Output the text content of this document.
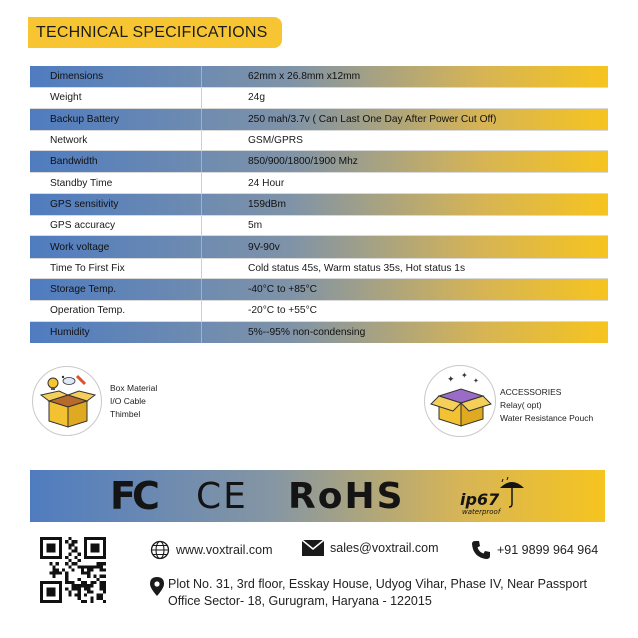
TECHNICAL SPECIFICATIONS
Dimensions	62mm x 26.8mm x12mm
Weight	24g
Backup Battery	250 mah/3.7v ( Can Last One Day After Power Cut Off)
Network	GSM/GPRS
Bandwidth	850/900/1800/1900 Mhz
Standby Time	24 Hour
GPS sensitivity	159dBm
GPS accuracy	5m
Work voltage	9V-90v
Time To First Fix	Cold status 45s, Warm status 35s, Hot status 1s
Storage Temp.	-40°C to +85°C
Operation Temp.	-20°C to +55°C
Humidity	5%--95% non-condensing
Box Material
I/O Cable
Thimbel
✦ ✦
✦
ACCESSORIES
Relay( opt)
Water Resistance Pouch
FC CE RoHS	ip67
waterproof
www.voxtrail.com	sales@voxtrail.com	+91 9899 964 964
Plot No. 31, 3rd floor, Esskay House, Udyog Vihar, Phase IV, Near Passport
Office Sector- 18, Gurugram, Haryana - 122015
